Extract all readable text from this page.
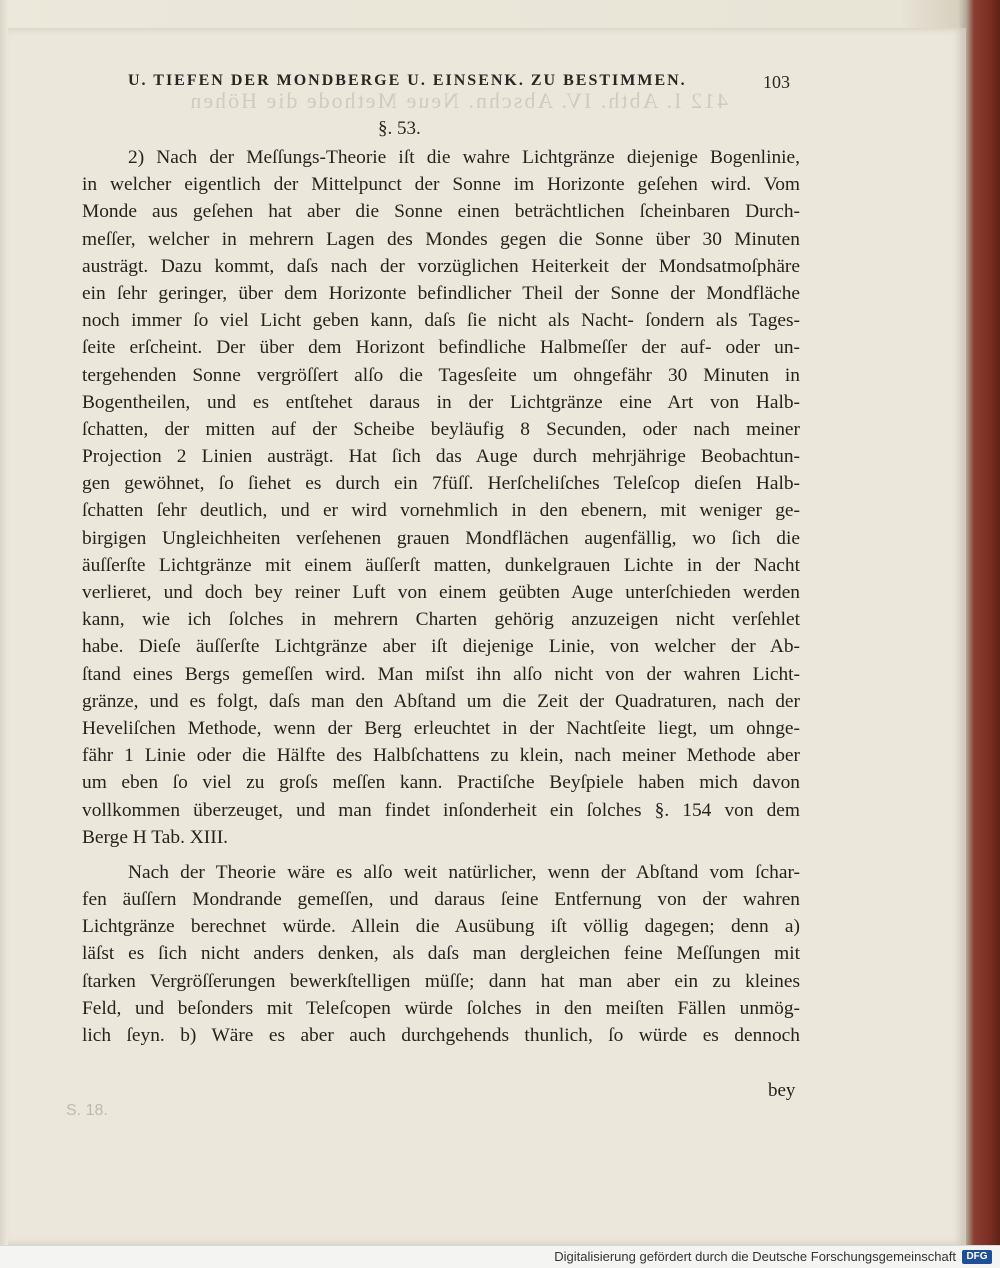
412 I. Abth. IV. Abschn. Neue Methode die Höhen
U. TIEFEN DER MONDBERGE U. EINSENK. ZU BESTIMMEN.	103
§. 53.
2) Nach der Meſſungs-Theorie iſt die wahre Lichtgränze diejenige Bogenlinie,
in welcher eigentlich der Mittelpunct der Sonne im Horizonte geſehen wird. Vom
Monde aus geſehen hat aber die Sonne einen beträchtlichen ſcheinbaren Durch-
meſſer, welcher in mehrern Lagen des Mondes gegen die Sonne über 30 Minuten
austrägt. Dazu kommt, daſs nach der vorzüglichen Heiterkeit der Mondsatmoſphäre
ein ſehr geringer, über dem Horizonte befindlicher Theil der Sonne der Mondfläche
noch immer ſo viel Licht geben kann, daſs ſie nicht als Nacht- ſondern als Tages-
ſeite erſcheint. Der über dem Horizont befindliche Halbmeſſer der auf- oder un-
tergehenden Sonne vergröſſert alſo die Tagesſeite um ohngefähr 30 Minuten in
Bogentheilen, und es entſtehet daraus in der Lichtgränze eine Art von Halb-
ſchatten, der mitten auf der Scheibe beyläufig 8 Secunden, oder nach meiner
Projection 2 Linien austrägt. Hat ſich das Auge durch mehrjährige Beobachtun-
gen gewöhnet, ſo ſiehet es durch ein 7füſſ. Herſcheliſches Teleſcop dieſen Halb-
ſchatten ſehr deutlich, und er wird vornehmlich in den ebenern, mit weniger ge-
birgigen Ungleichheiten verſehenen grauen Mondflächen augenfällig, wo ſich die
äuſſerſte Lichtgränze mit einem äuſſerſt matten, dunkelgrauen Lichte in der Nacht
verlieret, und doch bey reiner Luft von einem geübten Auge unterſchieden werden
kann, wie ich ſolches in mehrern Charten gehörig anzuzeigen nicht verſehlet
habe. Dieſe äuſſerſte Lichtgränze aber iſt diejenige Linie, von welcher der Ab-
ſtand eines Bergs gemeſſen wird. Man miſst ihn alſo nicht von der wahren Licht-
gränze, und es folgt, daſs man den Abſtand um die Zeit der Quadraturen, nach der
Heveliſchen Methode, wenn der Berg erleuchtet in der Nachtſeite liegt, um ohnge-
fähr 1 Linie oder die Hälfte des Halbſchattens zu klein, nach meiner Methode aber
um eben ſo viel zu groſs meſſen kann. Practiſche Beyſpiele haben mich davon
vollkommen überzeuget, und man findet inſonderheit ein ſolches §. 154 von dem
Berge H Tab. XIII.
Nach der Theorie wäre es alſo weit natürlicher, wenn der Abſtand vom ſchar-
fen äuſſern Mondrande gemeſſen, und daraus ſeine Entfernung von der wahren
Lichtgränze berechnet würde. Allein die Ausübung iſt völlig dagegen; denn a)
läſst es ſich nicht anders denken, als daſs man dergleichen feine Meſſungen mit
ſtarken Vergröſſerungen bewerkſtelligen müſſe; dann hat man aber ein zu kleines
Feld, und beſonders mit Teleſcopen würde ſolches in den meiſten Fällen unmög-
lich ſeyn. b) Wäre es aber auch durchgehends thunlich, ſo würde es dennoch
bey
S. 18.
Digitalisierung gefördert durch die Deutsche Forschungsgemeinschaft	DFG
